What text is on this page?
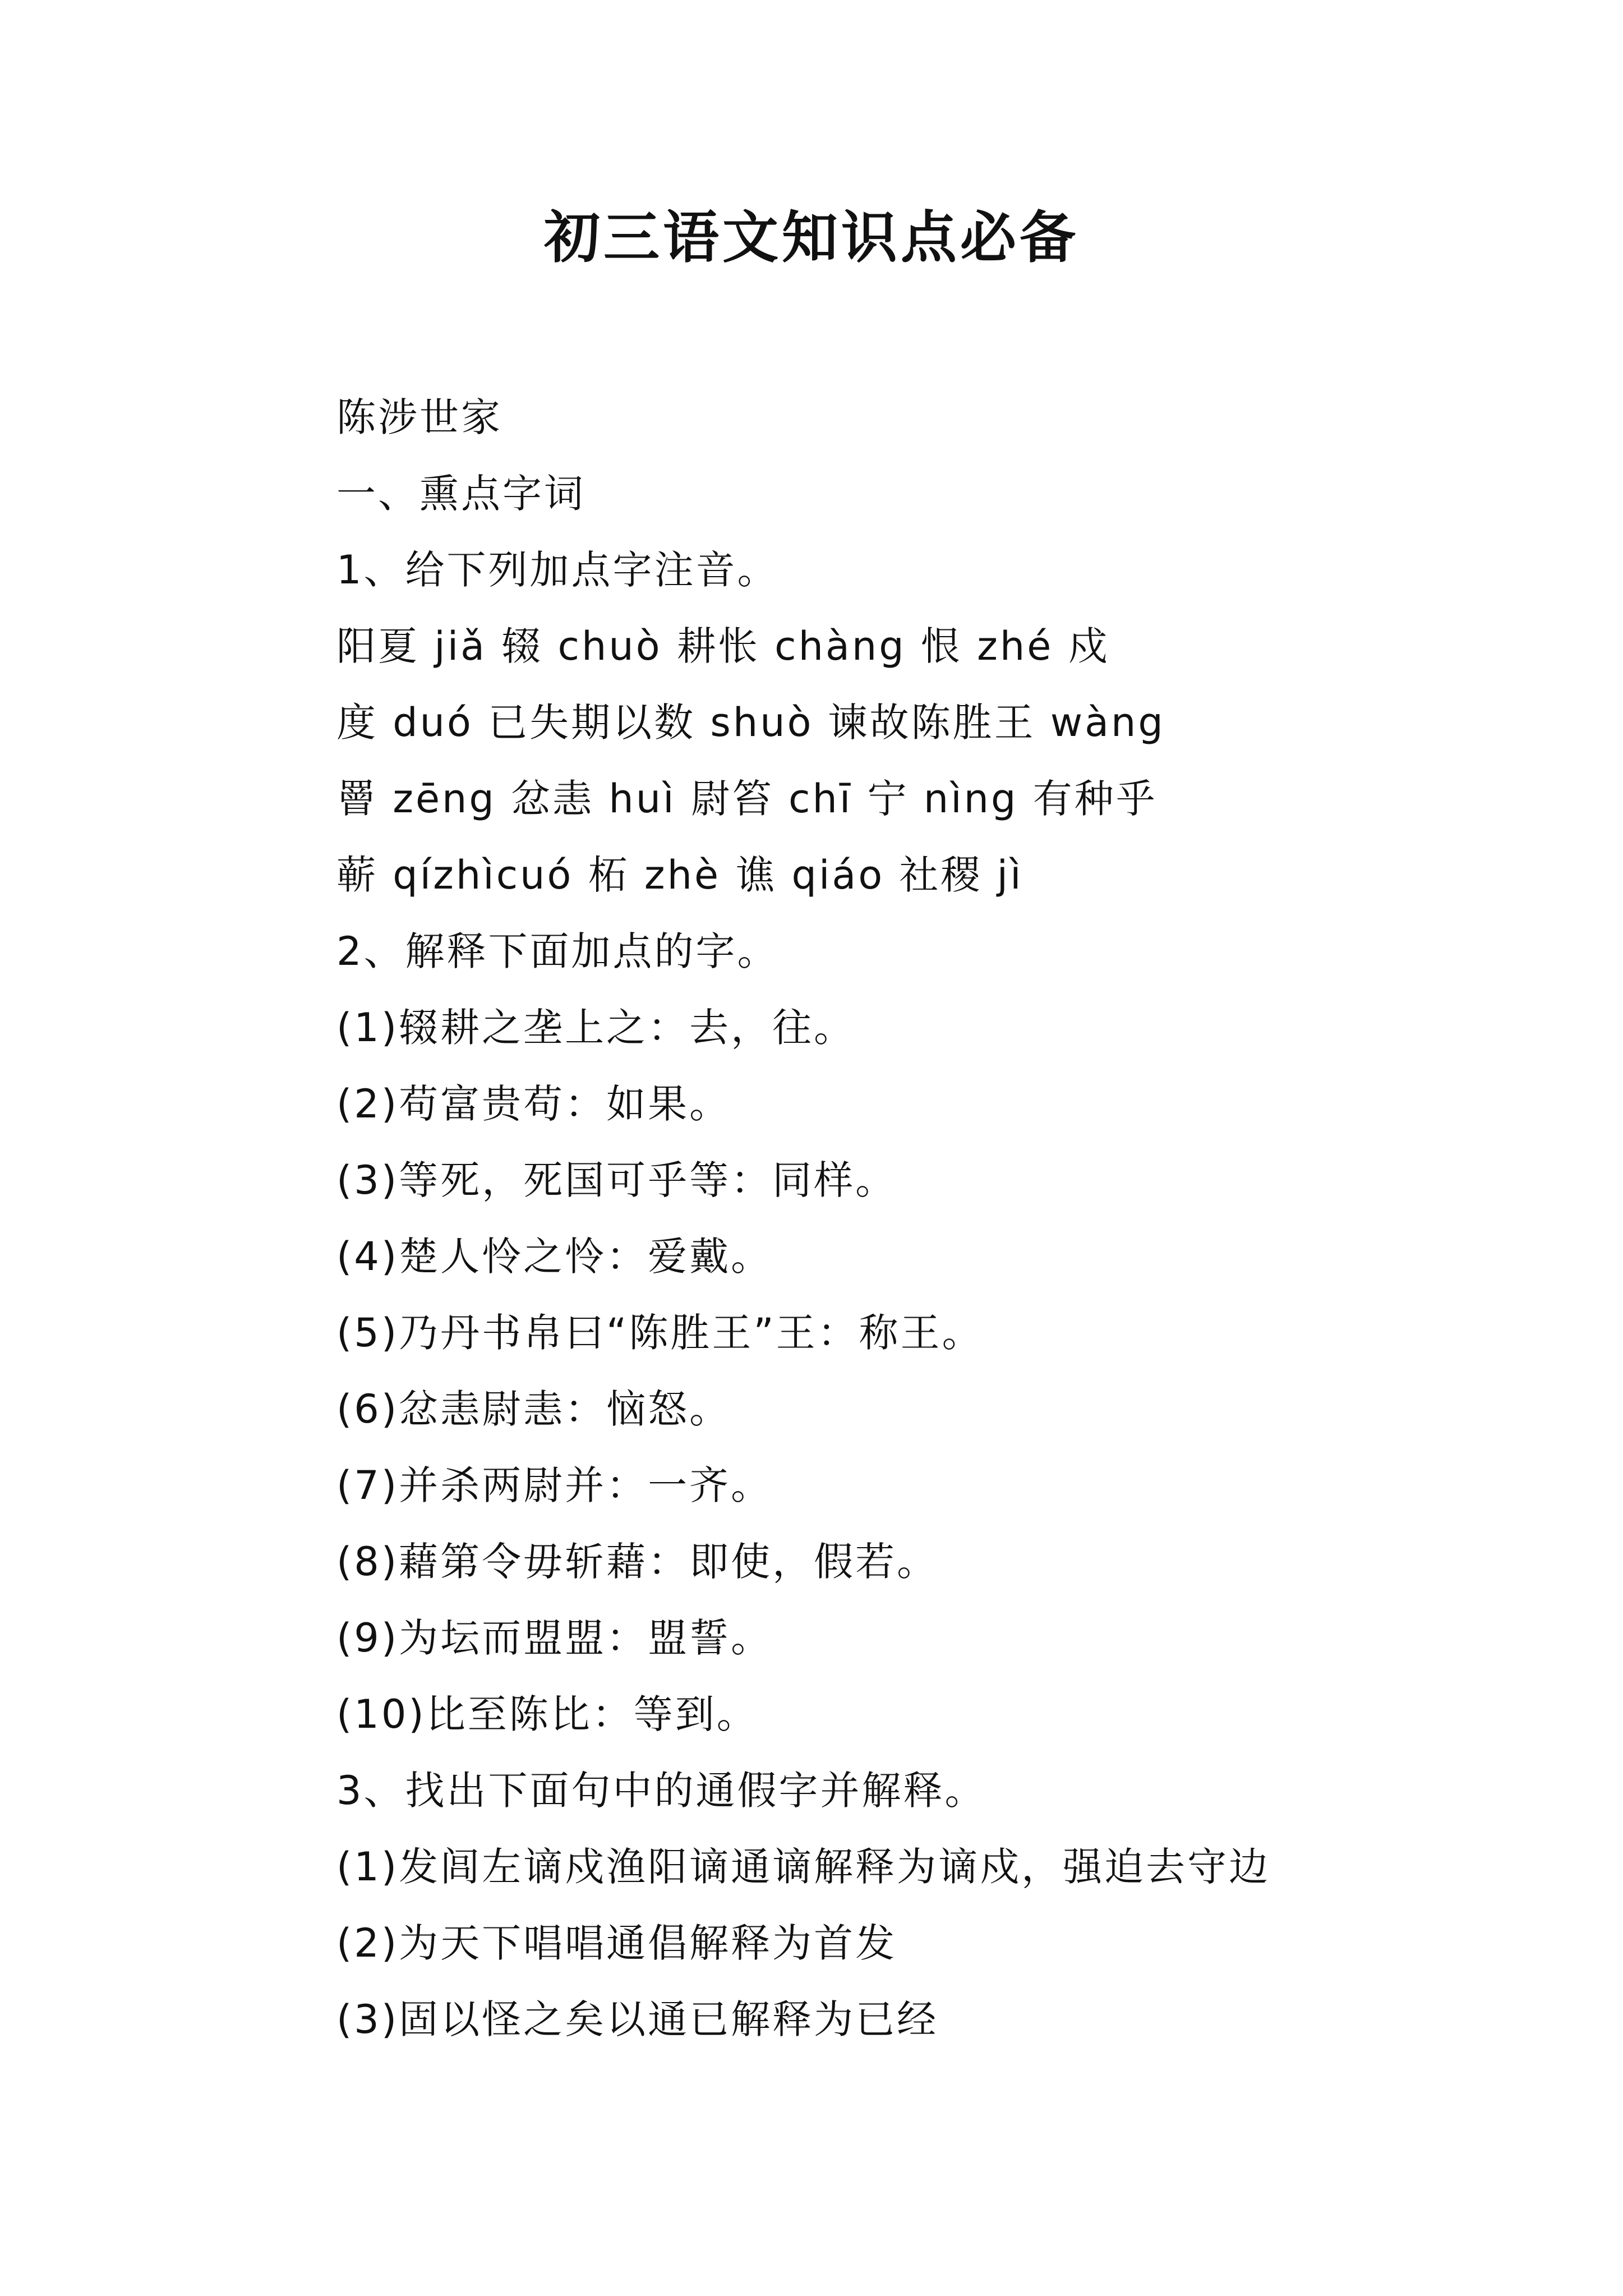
初三语文知识点必备
陈涉世家
一、熏点字词
1、给下列加点字注音。
阳夏 jiǎ 辍 chuò 耕怅 chàng 恨 zhé 戍
度 duó 已失期以数 shuò 谏故陈胜王 wàng
罾 zēng 忿恚 huì 尉笞 chī 宁 nìng 有种乎
蕲 qízhìcuó 柘 zhè 谯 qiáo 社稷 jì
2、解释下面加点的字。
(1)辍耕之垄上之：去，往。
(2)苟富贵苟：如果。
(3)等死，死国可乎等：同样。
(4)楚人怜之怜：爱戴。
(5)乃丹书帛曰“陈胜王”王：称王。
(6)忿恚尉恚：恼怒。
(7)并杀两尉并：一齐。
(8)藉第令毋斩藉：即使，假若。
(9)为坛而盟盟：盟誓。
(10)比至陈比：等到。
3、找出下面句中的通假字并解释。
(1)发闾左谪戍渔阳谪通谪解释为谪戍，强迫去守边
(2)为天下唱唱通倡解释为首发
(3)固以怪之矣以通已解释为已经
